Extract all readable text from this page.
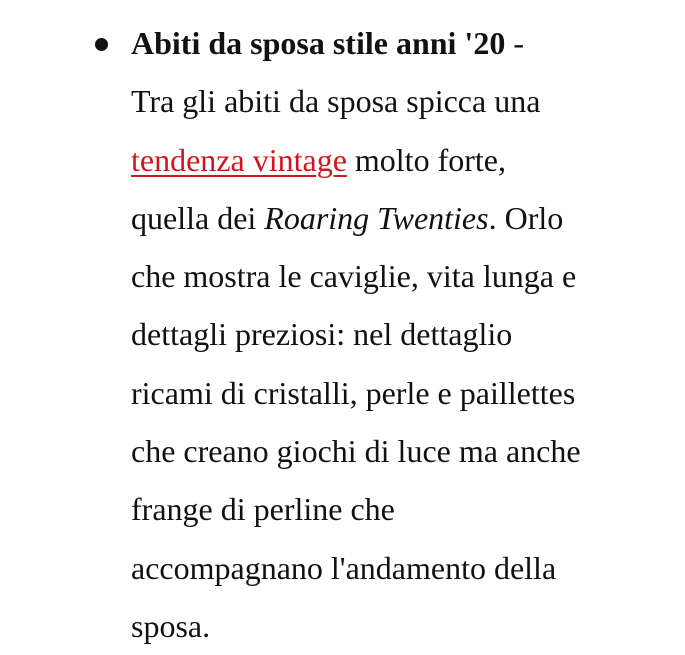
Abiti da sposa stile anni '20 -
Tra gli abiti da sposa spicca una
tendenza vintage molto forte,
quella dei Roaring Twenties. Orlo
che mostra le caviglie, vita lunga e
dettagli preziosi: nel dettaglio
ricami di cristalli, perle e paillettes
che creano giochi di luce ma anche
frange di perline che
accompagnano l'andamento della
sposa.
